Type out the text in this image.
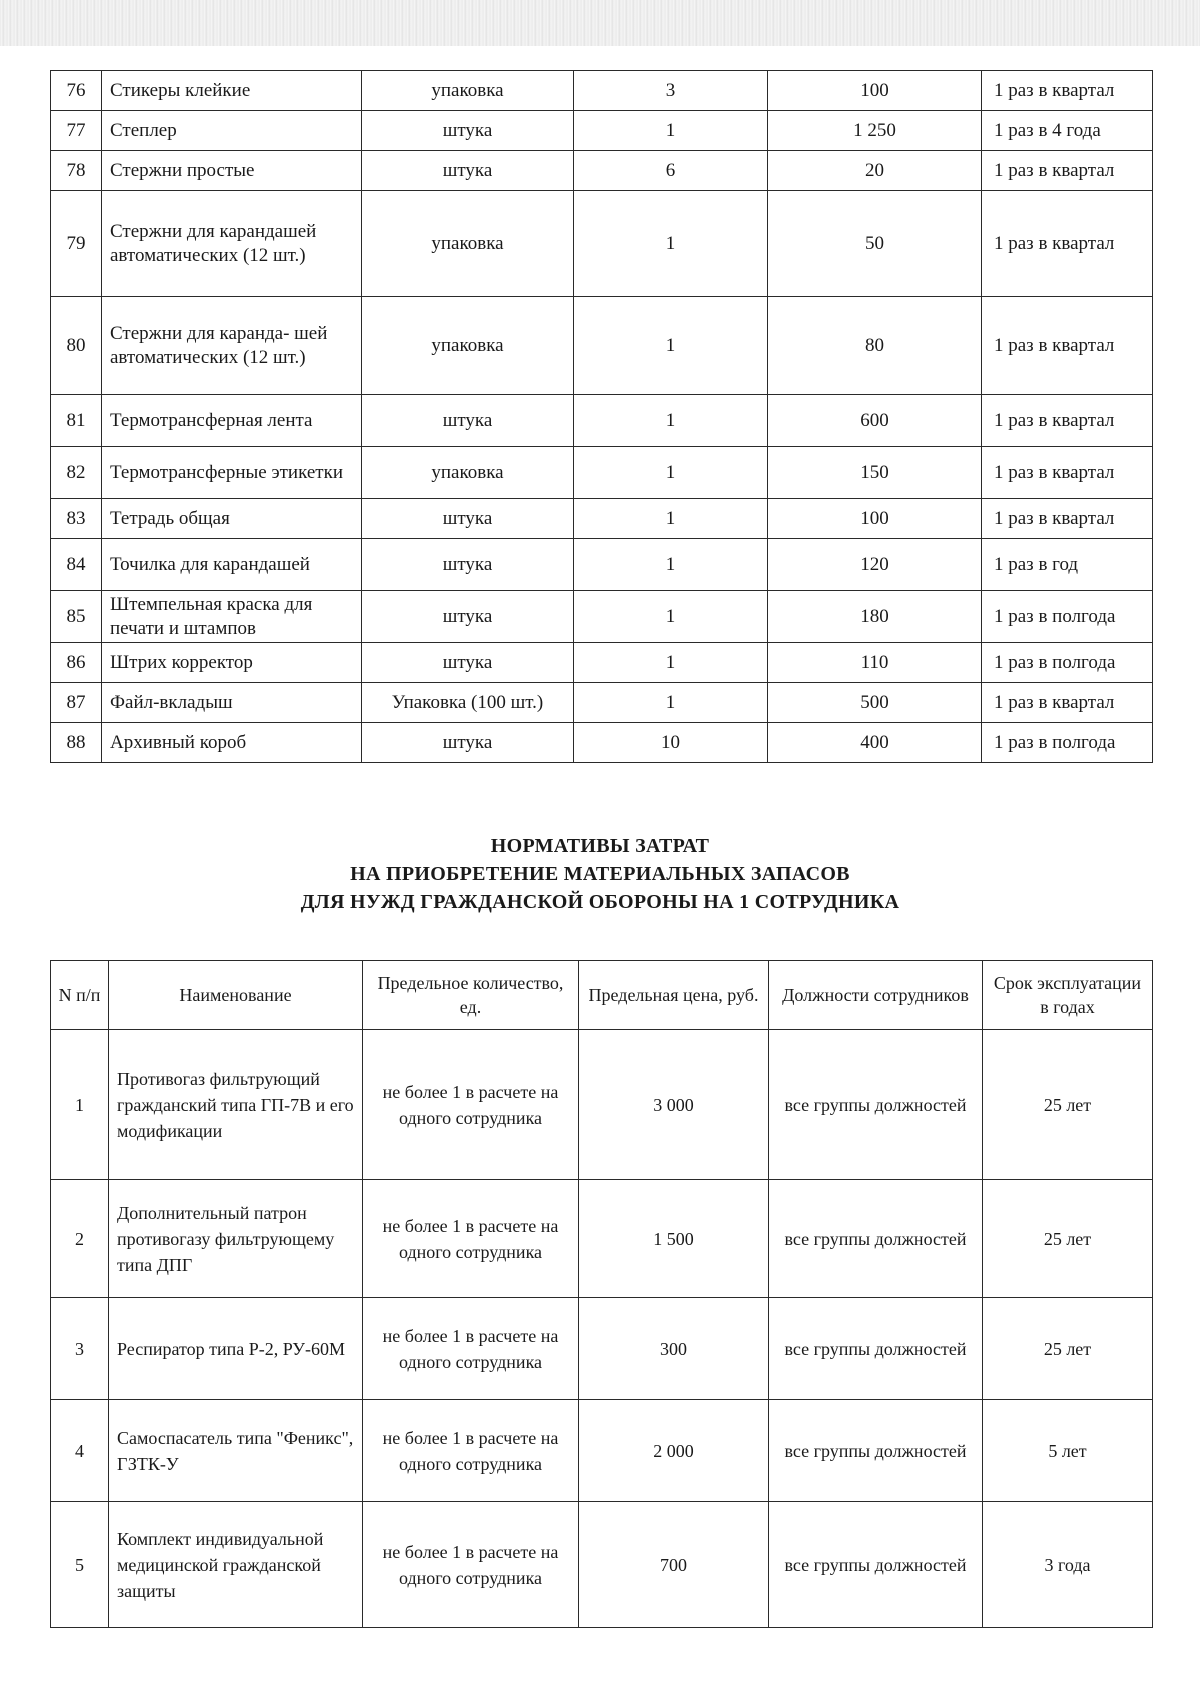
76	Стикеры клейкие	упаковка	3	100	1 раз в квартал
77	Степлер	штука	1	1 250	1 раз в 4 года
78	Стержни простые	штука	6	20	1 раз в квартал
79	Стержни для карандашей автоматических (12 шт.)	упаковка	1	50	1 раз в квартал
80	Стержни для каранда- шей автоматических (12 шт.)	упаковка	1	80	1 раз в квартал
81	Термотрансферная лента	штука	1	600	1 раз в квартал
82	Термотрансферные этикетки	упаковка	1	150	1 раз в квартал
83	Тетрадь общая	штука	1	100	1 раз в квартал
84	Точилка для карандашей	штука	1	120	1 раз в год
85	Штемпельная краска для печати и штампов	штука	1	180	1 раз в полгода
86	Штрих корректор	штука	1	110	1 раз в полгода
87	Файл-вкладыш	Упаковка (100 шт.)	1	500	1 раз в квартал
88	Архивный короб	штука	10	400	1 раз в полгода
НОРМАТИВЫ ЗАТРАТ
НА ПРИОБРЕТЕНИЕ МАТЕРИАЛЬНЫХ ЗАПАСОВ
ДЛЯ НУЖД ГРАЖДАНСКОЙ ОБОРОНЫ НА 1 СОТРУДНИКА
N п/п	Наименование	Предельное количество, ед.	Предельная цена, руб.	Должности сотрудников	Срок эксплуатации в годах
1	Противогаз фильтрующий гражданский типа ГП-7В и его модификации	не более 1 в расчете на одного сотрудника	3 000	все группы должностей	25 лет
2	Дополнительный патрон противогазу фильтрующему типа ДПГ	не более 1 в расчете на одного сотрудника	1 500	все группы должностей	25 лет
3	Респиратор типа Р-2, РУ-60М	не более 1 в расчете на одного сотрудника	300	все группы должностей	25 лет
4	Самоспасатель типа "Феникс", ГЗТК-У	не более 1 в расчете на одного сотрудника	2 000	все группы должностей	5 лет
5	Комплект индивидуальной медицинской гражданской защиты	не более 1 в расчете на одного сотрудника	700	все группы должностей	3 года
